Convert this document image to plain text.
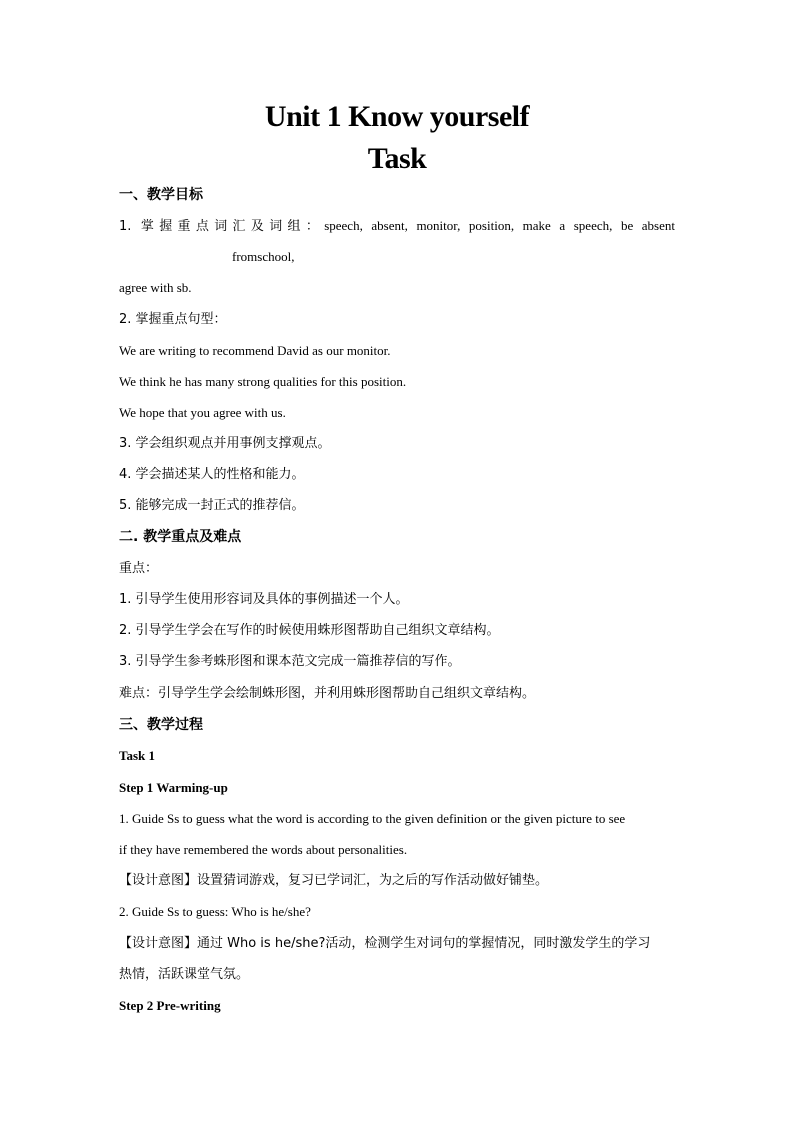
Unit 1 Know yourself
Task
一、教学目标
1. 掌握重点词汇及词组：speech, absent, monitor, position, make a speech, be absent
fromschool,
agree with sb.
2. 掌握重点句型：
We are writing to recommend David as our monitor.
We think he has many strong qualities for this position.
We hope that you agree with us.
3. 学会组织观点并用事例支撑观点。
4. 学会描述某人的性格和能力。
5. 能够完成一封正式的推荐信。
二. 教学重点及难点
重点：
1. 引导学生使用形容词及具体的事例描述一个人。
2. 引导学生学会在写作的时候使用蛛形图帮助自己组织文章结构。
3. 引导学生参考蛛形图和课本范文完成一篇推荐信的写作。
难点：引导学生学会绘制蛛形图，并利用蛛形图帮助自己组织文章结构。
三、教学过程
Task 1
Step 1 Warming-up
1. Guide Ss to guess what the word is according to the given definition or the given picture to see
if they have remembered the words about personalities.
【设计意图】设置猜词游戏，复习已学词汇，为之后的写作活动做好铺垫。
2. Guide Ss to guess: Who is he/she?
【设计意图】通过 Who is he/she?活动，检测学生对词句的掌握情况，同时激发学生的学习
热情，活跃课堂气氛。
Step 2 Pre-writing
